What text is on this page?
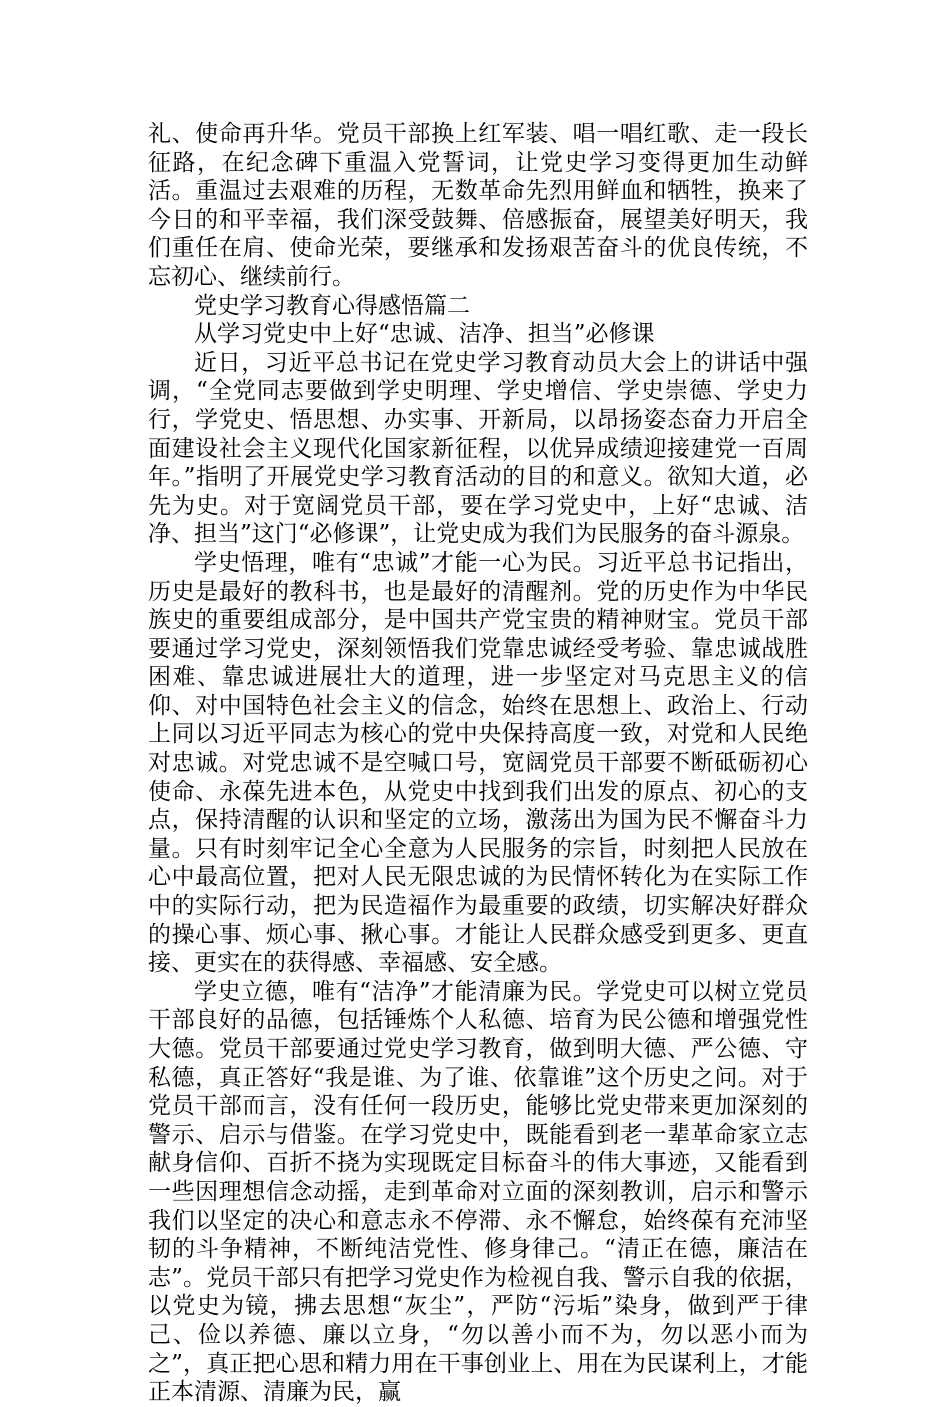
礼、使命再升华。党员干部换上红军装、唱一唱红歌、走一段长征路，在纪念碑下重温入党誓词，让党史学习变得更加生动鲜活。重温过去艰难的历程，无数革命先烈用鲜血和牺牲，换来了今日的和平幸福，我们深受鼓舞、倍感振奋，展望美好明天，我们重任在肩、使命光荣，要继承和发扬艰苦奋斗的优良传统，不忘初心、继续前行。

党史学习教育心得感悟篇二

从学习党史中上好“忠诚、洁净、担当”必修课

近日，习近平总书记在党史学习教育动员大会上的讲话中强调，“全党同志要做到学史明理、学史增信、学史崇德、学史力行，学党史、悟思想、办实事、开新局，以昂扬姿态奋力开启全面建设社会主义现代化国家新征程，以优异成绩迎接建党一百周年。”指明了开展党史学习教育活动的目的和意义。欲知大道，必先为史。对于宽阔党员干部，要在学习党史中，上好“忠诚、洁净、担当”这门“必修课”，让党史成为我们为民服务的奋斗源泉。

学史悟理，唯有“忠诚”才能一心为民。习近平总书记指出，历史是最好的教科书，也是最好的清醒剂。党的历史作为中华民族史的重要组成部分，是中国共产党宝贵的精神财宝。党员干部要通过学习党史，深刻领悟我们党靠忠诚经受考验、靠忠诚战胜困难、靠忠诚进展壮大的道理，进一步坚定对马克思主义的信仰、对中国特色社会主义的信念，始终在思想上、政治上、行动上同以习近平同志为核心的党中央保持高度一致，对党和人民绝对忠诚。对党忠诚不是空喊口号，宽阔党员干部要不断砥砺初心使命、永葆先进本色，从党史中找到我们出发的原点、初心的支点，保持清醒的认识和坚定的立场，激荡出为国为民不懈奋斗力量。只有时刻牢记全心全意为人民服务的宗旨，时刻把人民放在心中最高位置，把对人民无限忠诚的为民情怀转化为在实际工作中的实际行动，把为民造福作为最重要的政绩，切实解决好群众的操心事、烦心事、揪心事。才能让人民群众感受到更多、更直接、更实在的获得感、幸福感、安全感。

学史立德，唯有“洁净”才能清廉为民。学党史可以树立党员干部良好的品德，包括锤炼个人私德、培育为民公德和增强党性大德。党员干部要通过党史学习教育，做到明大德、严公德、守私德，真正答好“我是谁、为了谁、依靠谁”这个历史之问。对于党员干部而言，没有任何一段历史，能够比党史带来更加深刻的警示、启示与借鉴。在学习党史中，既能看到老一辈革命家立志献身信仰、百折不挠为实现既定目标奋斗的伟大事迹，又能看到一些因理想信念动摇，走到革命对立面的深刻教训，启示和警示我们以坚定的决心和意志永不停滞、永不懈怠，始终葆有充沛坚韧的斗争精神，不断纯洁党性、修身律己。“清正在德，廉洁在志”。党员干部只有把学习党史作为检视自我、警示自我的依据，以党史为镜，拂去思想“灰尘”，严防“污垢”染身，做到严于律己、俭以养德、廉以立身，“勿以善小而不为，勿以恶小而为之”，真正把心思和精力用在干事创业上、用在为民谋利上，才能正本清源、清廉为民，赢
